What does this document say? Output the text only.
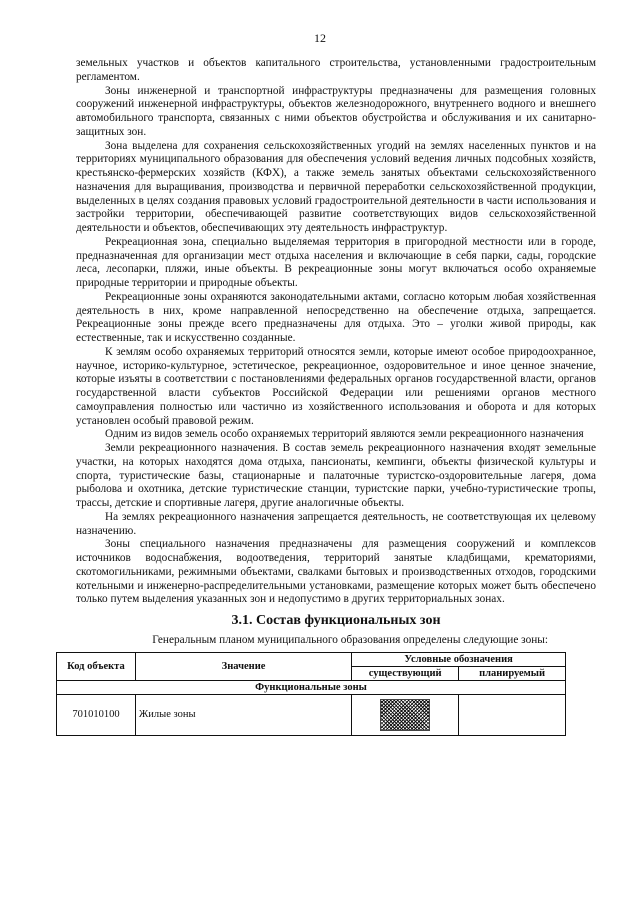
12

земельных участков и объектов капитального строительства, установленными градостроительным регламентом.

Зоны инженерной и транспортной инфраструктуры предназначены для размещения головных сооружений инженерной инфраструктуры, объектов железнодорожного, внутреннего водного и внешнего автомобильного транспорта, связанных с ними объектов обустройства и обслуживания и их санитарно-защитных зон.

Зона выделена для сохранения сельскохозяйственных угодий на землях населенных пунктов и на территориях муниципального образования для обеспечения условий ведения личных подсобных хозяйств, крестьянско-фермерских хозяйств (КФХ), а также земель занятых объектами сельскохозяйственного назначения для выращивания, производства и первичной переработки сельскохозяйственной продукции, выделенных в целях создания правовых условий градостроительной деятельности в части использования и застройки территории, обеспечивающей развитие соответствующих видов сельскохозяйственной деятельности и объектов, обеспечивающих эту деятельность инфраструктур.

Рекреационная зона, специально выделяемая территория в пригородной местности или в городе, предназначенная для организации мест отдыха населения и включающие в себя парки, сады, городские леса, лесопарки, пляжи, иные объекты. В рекреационные зоны могут включаться особо охраняемые природные территории и природные объекты.

Рекреационные зоны охраняются законодательными актами, согласно которым любая хозяйственная деятельность в них, кроме направленной непосредственно на обеспечение отдыха, запрещается. Рекреационные зоны прежде всего предназначены для отдыха. Это – уголки живой природы, как естественные, так и искусственно созданные.

К землям особо охраняемых территорий относятся земли, которые имеют особое природоохранное, научное, историко-культурное, эстетическое, рекреационное, оздоровительное и иное ценное значение, которые изъяты в соответствии с постановлениями федеральных органов государственной власти, органов государственной власти субъектов Российской Федерации или решениями органов местного самоуправления полностью или частично из хозяйственного использования и оборота и для которых установлен особый правовой режим.

Одним из видов земель особо охраняемых территорий являются земли рекреационного назначения

Земли рекреационного назначения. В состав земель рекреационного назначения входят земельные участки, на которых находятся дома отдыха, пансионаты, кемпинги, объекты физической культуры и спорта, туристические базы, стационарные и палаточные туристско-оздоровительные лагеря, дома рыболова и охотника, детские туристические станции, туристские парки, учебно-туристические тропы, трассы, детские и спортивные лагеря, другие аналогичные объекты.

На землях рекреационного назначения запрещается деятельность, не соответствующая их целевому назначению.

Зоны специального назначения предназначены для размещения сооружений и комплексов источников водоснабжения, водоотведения, территорий занятые кладбищами, крематориями, скотомогильниками, режимными объектами, свалками бытовых и производственных отходов, городскими котельными и инженерно-распределительными установками, размещение которых может быть обеспечено только путем выделения указанных зон и недопустимо в других территориальных зонах.

3.1. Состав функциональных зон

Генеральным планом муниципального образования определены следующие зоны:

Код объекта	Значение	Условные обозначения	
		существующий	планируемый
Функциональные зоны			
701010100	Жилые зоны	
